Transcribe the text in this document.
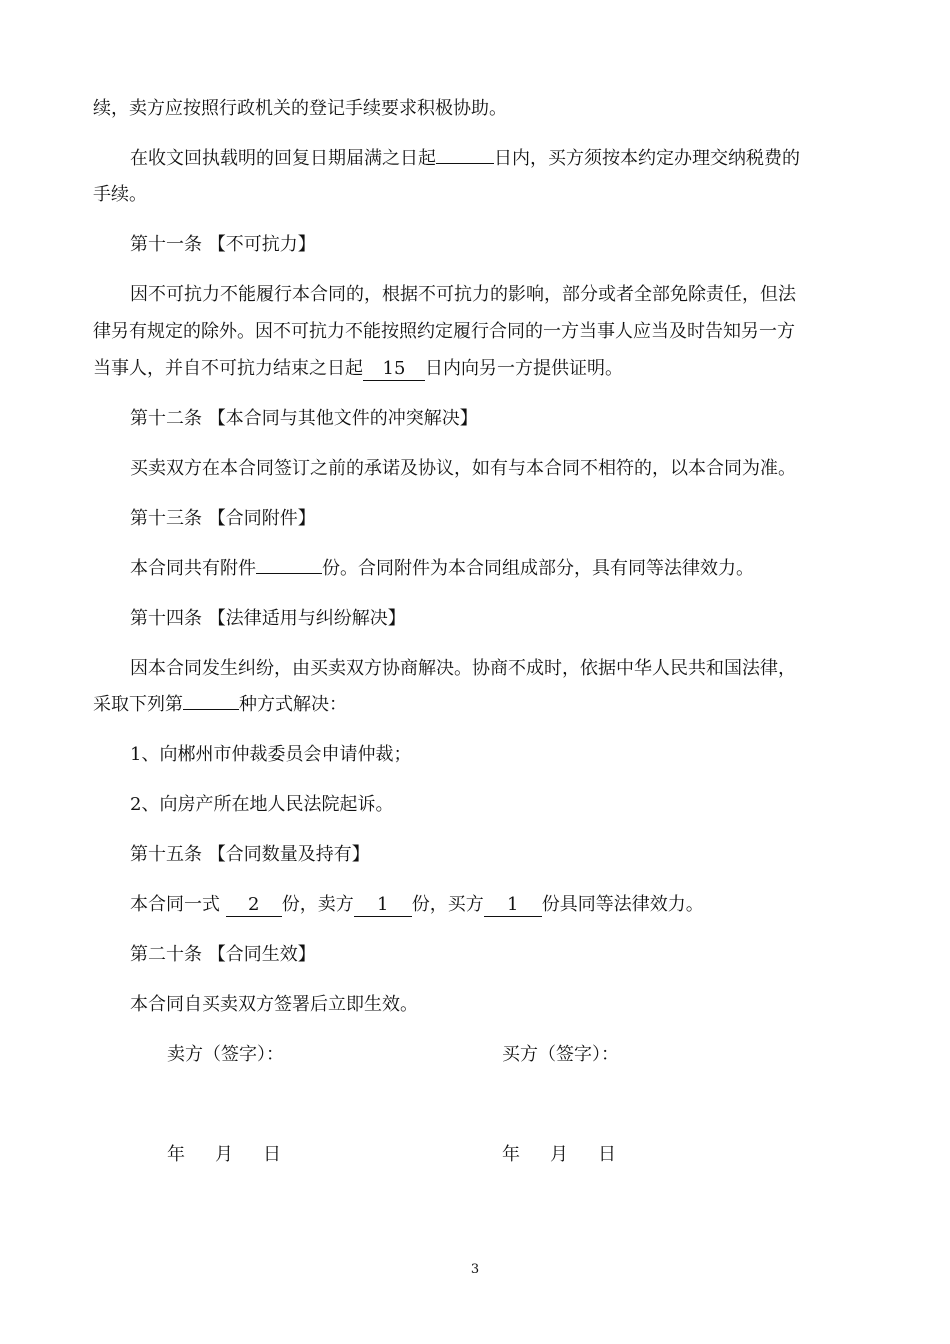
续，卖方应按照行政机关的登记手续要求积极协助。
在收文回执载明的回复日期届满之日起	日内，买方须按本约定办理交纳税费的
手续。
第十一条 【不可抗力】
因不可抗力不能履行本合同的，根据不可抗力的影响，部分或者全部免除责任，但法
律另有规定的除外。因不可抗力不能按照约定履行合同的一方当事人应当及时告知另一方
当事人，并自不可抗力结束之日起 15 日内向另一方提供证明。
第十二条 【本合同与其他文件的冲突解决】
买卖双方在本合同签订之前的承诺及协议，如有与本合同不相符的，以本合同为准。
第十三条 【合同附件】
本合同共有附件	份。合同附件为本合同组成部分，具有同等法律效力。
第十四条 【法律适用与纠纷解决】
因本合同发生纠纷，由买卖双方协商解决。协商不成时，依据中华人民共和国法律，
采取下列第	种方式解决：
1、向郴州市仲裁委员会申请仲裁；
2、向房产所在地人民法院起诉。
第十五条 【合同数量及持有】
本合同一式 2 份，卖方 1 份，买方 1 份具同等法律效力。
第二十条 【合同生效】
本合同自买卖双方签署后立即生效。
卖方（签字）：	买方（签字）：
年 月 日	年 月 日
3
